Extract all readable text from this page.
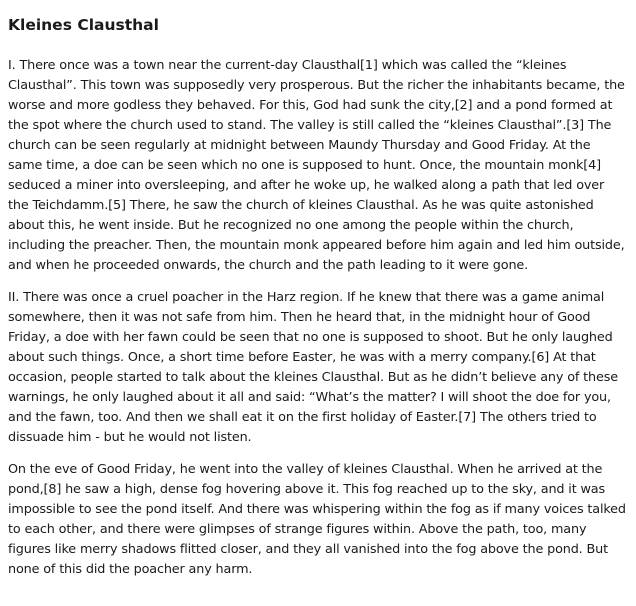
Kleines Clausthal

I. There once was a town near the current-day Clausthal[1] which was called the “kleines Clausthal”. This town was supposedly very prosperous. But the richer the inhabitants became, the worse and more godless they behaved. For this, God had sunk the city,[2] and a pond formed at the spot where the church used to stand. The valley is still called the “kleines Clausthal”.[3] The church can be seen regularly at midnight between Maundy Thursday and Good Friday. At the same time, a doe can be seen which no one is supposed to hunt. Once, the mountain monk[4] seduced a miner into oversleeping, and after he woke up, he walked along a path that led over the Teichdamm.[5] There, he saw the church of kleines Clausthal. As he was quite astonished about this, he went inside. But he recognized no one among the people within the church, including the preacher. Then, the mountain monk appeared before him again and led him outside, and when he proceeded onwards, the church and the path leading to it were gone.

II. There was once a cruel poacher in the Harz region. If he knew that there was a game animal somewhere, then it was not safe from him. Then he heard that, in the midnight hour of Good Friday, a doe with her fawn could be seen that no one is supposed to shoot. But he only laughed about such things. Once, a short time before Easter, he was with a merry company.[6] At that occasion, people started to talk about the kleines Clausthal. But as he didn’t believe any of these warnings, he only laughed about it all and said: “What’s the matter? I will shoot the doe for you, and the fawn, too. And then we shall eat it on the first holiday of Easter.[7] The others tried to dissuade him - but he would not listen.

On the eve of Good Friday, he went into the valley of kleines Clausthal. When he arrived at the pond,[8] he saw a high, dense fog hovering above it. This fog reached up to the sky, and it was impossible to see the pond itself. And there was whispering within the fog as if many voices talked to each other, and there were glimpses of strange figures within. Above the path, too, many figures like merry shadows flitted closer, and they all vanished into the fog above the pond. But none of this did the poacher any harm.
